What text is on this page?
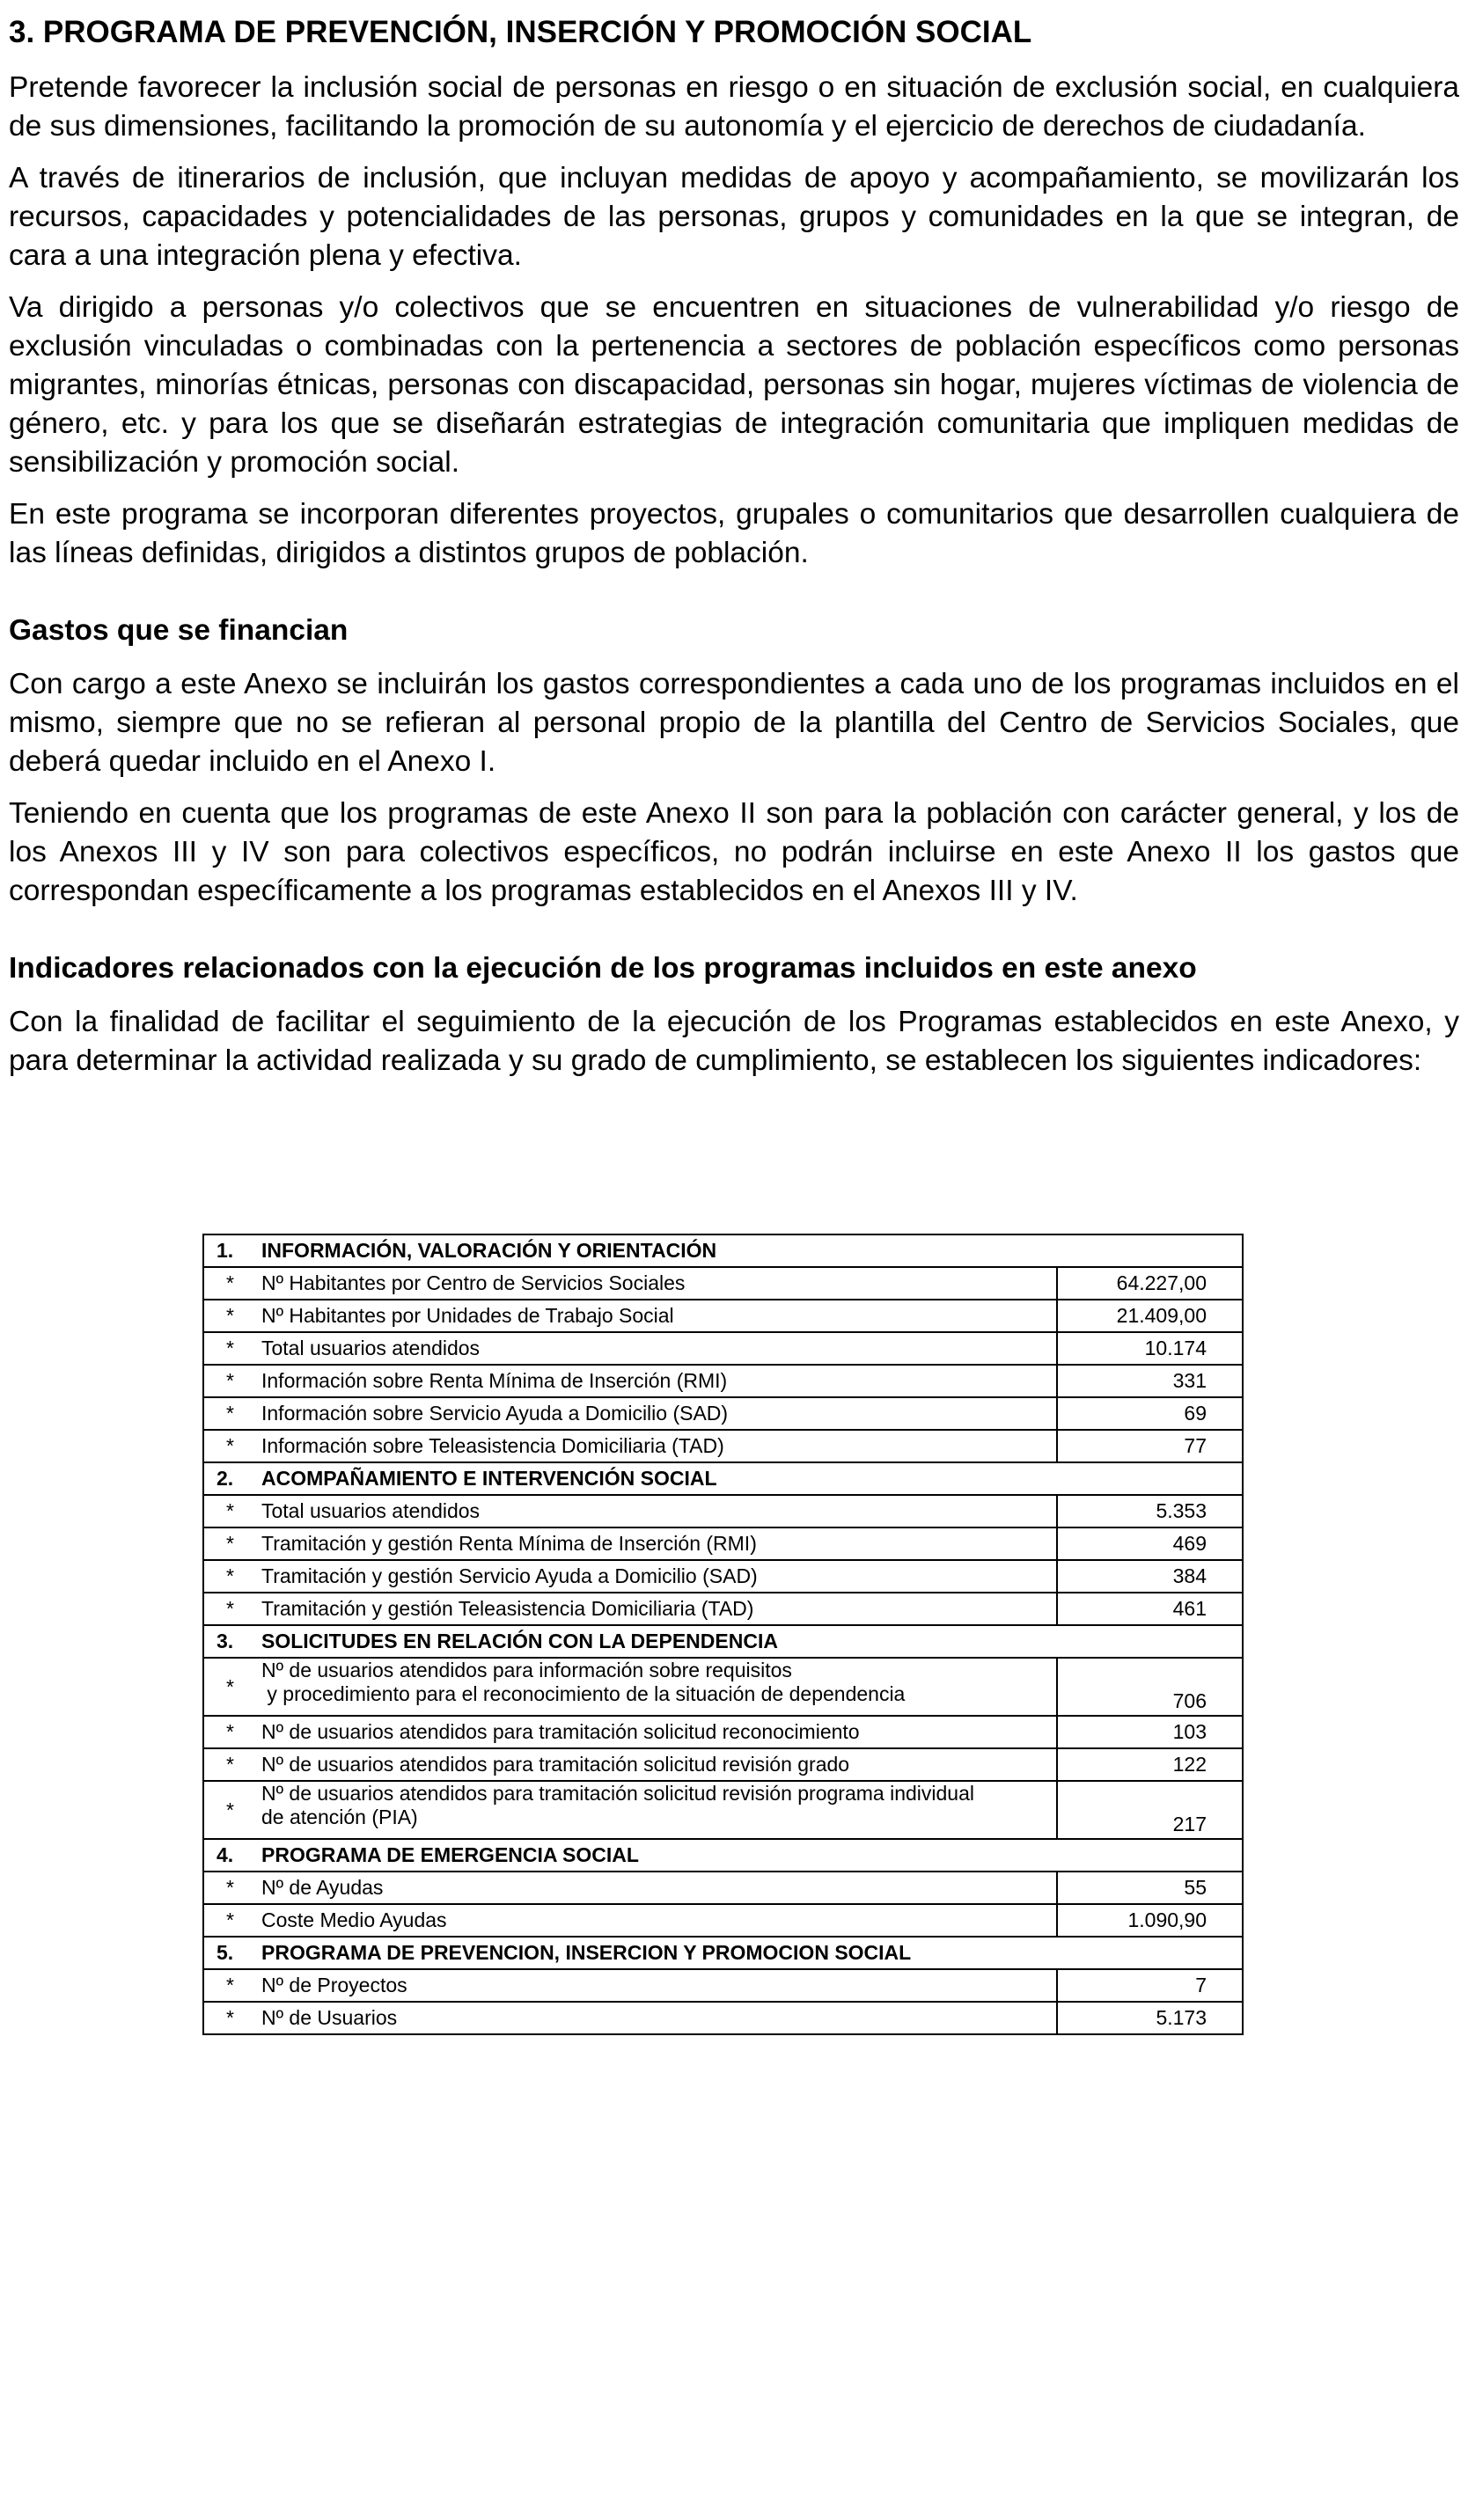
3. PROGRAMA DE PREVENCIÓN, INSERCIÓN Y PROMOCIÓN SOCIAL

Pretende favorecer la inclusión social de personas en riesgo o en situación de exclusión social, en cualquiera de sus dimensiones, facilitando la promoción de su autonomía y el ejercicio de derechos de ciudadanía.

A través de itinerarios de inclusión, que incluyan medidas de apoyo y acompañamiento, se movilizarán los recursos, capacidades y potencialidades de las personas, grupos y comunidades en la que se integran, de cara a una integración plena y efectiva.

Va dirigido a personas y/o colectivos que se encuentren en situaciones de vulnerabilidad y/o riesgo de exclusión vinculadas o combinadas con la pertenencia a sectores de población específicos como personas migrantes, minorías étnicas, personas con discapacidad, personas sin hogar, mujeres víctimas de violencia de género, etc. y para los que se diseñarán estrategias de integración comunitaria que impliquen medidas de sensibilización y promoción social.

En este programa se incorporan diferentes proyectos, grupales o comunitarios que desarrollen cualquiera de las líneas definidas, dirigidos a distintos grupos de población.

Gastos que se financian

Con cargo a este Anexo se incluirán los gastos correspondientes a cada uno de los programas incluidos en el mismo, siempre que no se refieran al personal propio de la plantilla del Centro de Servicios Sociales, que deberá quedar incluido en el Anexo I.

Teniendo en cuenta que los programas de este Anexo II son para la población con carácter general, y los de los Anexos III y IV son para colectivos específicos, no podrán incluirse en este Anexo II los gastos que correspondan específicamente a los programas establecidos en el Anexos III y IV.

Indicadores relacionados con la ejecución de los programas incluidos en este anexo

Con la finalidad de facilitar el seguimiento de la ejecución de los Programas establecidos en este Anexo, y para determinar la actividad realizada y su grado de cumplimiento, se establecen los siguientes indicadores:

1.	INFORMACIÓN, VALORACIÓN Y ORIENTACIÓN	
*	Nº Habitantes por Centro de Servicios Sociales	64.227,00
*	Nº Habitantes por Unidades de Trabajo Social	21.409,00
*	Total usuarios atendidos	10.174
*	Información sobre Renta Mínima de Inserción (RMI)	331
*	Información sobre Servicio Ayuda a Domicilio (SAD)	69
*	Información sobre Teleasistencia Domiciliaria (TAD)	77
2.	ACOMPAÑAMIENTO E INTERVENCIÓN SOCIAL	
*	Total usuarios atendidos	5.353
*	Tramitación y gestión Renta Mínima de Inserción (RMI)	469
*	Tramitación y gestión Servicio Ayuda a Domicilio (SAD)	384
*	Tramitación y gestión Teleasistencia Domiciliaria (TAD)	461
3.	SOLICITUDES EN RELACIÓN CON LA DEPENDENCIA	
*	Nº de usuarios atendidos para información sobre requisitos
y procedimiento para el reconocimiento de la situación de dependencia	706
*	Nº de usuarios atendidos para tramitación solicitud reconocimiento	103
*	Nº de usuarios atendidos para tramitación solicitud revisión grado	122
*	Nº de usuarios atendidos para tramitación solicitud revisión programa individual
de atención (PIA)	217
4.	PROGRAMA DE EMERGENCIA SOCIAL	
*	Nº de Ayudas	55
*	Coste Medio Ayudas	1.090,90
5.	PROGRAMA DE PREVENCION, INSERCION Y PROMOCION SOCIAL	
*	Nº de Proyectos	7
*	Nº de Usuarios	5.173
